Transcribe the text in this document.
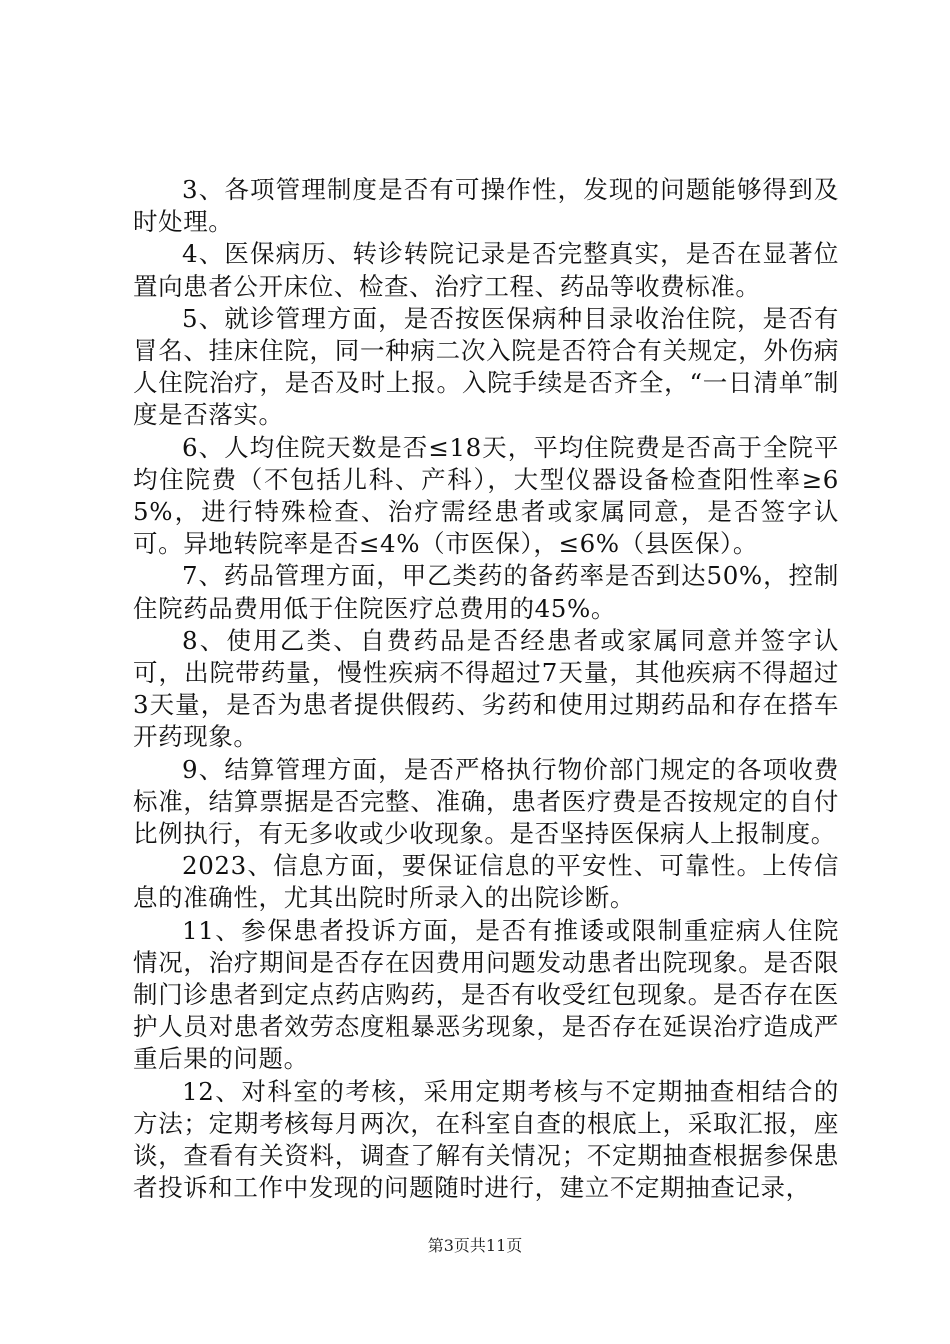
3、各项管理制度是否有可操作性，发现的问题能够得到及时处理。

4、医保病历、转诊转院记录是否完整真实，是否在显著位置向患者公开床位、检查、治疗工程、药品等收费标准。

5、就诊管理方面，是否按医保病种目录收治住院，是否有冒名、挂床住院，同一种病二次入院是否符合有关规定，外伤病人住院治疗，是否及时上报。入院手续是否齐全，“一日清单″制度是否落实。

6、人均住院天数是否≤18天，平均住院费是否高于全院平均住院费（不包括儿科、产科），大型仪器设备检查阳性率≥65%，进行特殊检查、治疗需经患者或家属同意，是否签字认可。异地转院率是否≤4%（市医保），≤6%（县医保）。

7、药品管理方面，甲乙类药的备药率是否到达50%，控制住院药品费用低于住院医疗总费用的45%。

8、使用乙类、自费药品是否经患者或家属同意并签字认可，出院带药量，慢性疾病不得超过7天量，其他疾病不得超过3天量，是否为患者提供假药、劣药和使用过期药品和存在搭车开药现象。

9、结算管理方面，是否严格执行物价部门规定的各项收费标准，结算票据是否完整、准确，患者医疗费是否按规定的自付比例执行，有无多收或少收现象。是否坚持医保病人上报制度。

2023、信息方面，要保证信息的平安性、可靠性。上传信息的准确性，尤其出院时所录入的出院诊断。

11、参保患者投诉方面，是否有推诿或限制重症病人住院情况，治疗期间是否存在因费用问题发动患者出院现象。是否限制门诊患者到定点药店购药，是否有收受红包现象。是否存在医护人员对患者效劳态度粗暴恶劣现象，是否存在延误治疗造成严重后果的问题。

12、对科室的考核，采用定期考核与不定期抽查相结合的方法；定期考核每月两次，在科室自查的根底上，采取汇报，座谈，查看有关资料，调查了解有关情况；不定期抽查根据参保患者投诉和工作中发现的问题随时进行，建立不定期抽查记录，

第3页共11页
